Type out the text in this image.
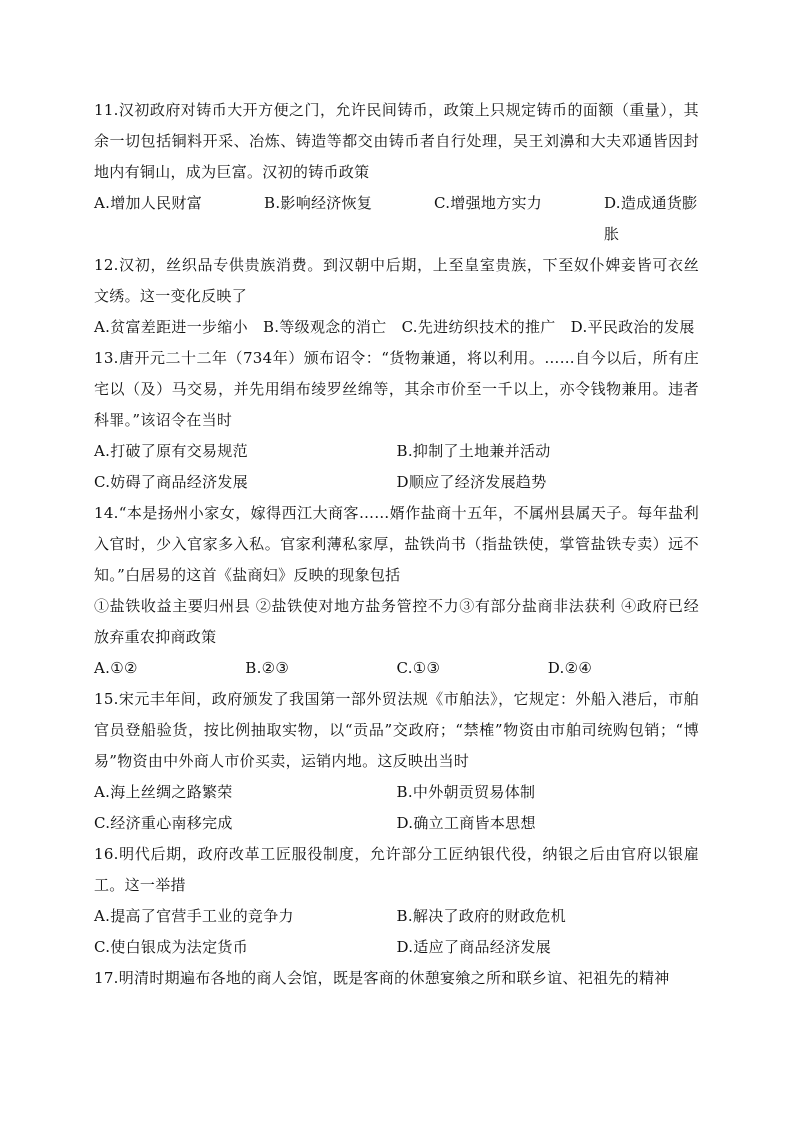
11.汉初政府对铸币大开方便之门，允许民间铸币，政策上只规定铸币的面额（重量），其余一切包括铜料开采、冶炼、铸造等都交由铸币者自行处理，吴王刘濞和大夫邓通皆因封地内有铜山，成为巨富。汉初的铸币政策

A.增加人民财富	B.影响经济恢复	C.增强地方实力	D.造成通货膨胀

12.汉初，丝织品专供贵族消费。到汉朝中后期，上至皇室贵族，下至奴仆婢妾皆可衣丝文绣。这一变化反映了

A.贫富差距进一步缩小 B.等级观念的消亡 C.先进纺织技术的推广 D.平民政治的发展

13.唐开元二十二年（734年）颁布诏令：“货物兼通，将以利用。……自今以后，所有庄宅以（及）马交易，并先用绢布绫罗丝绵等，其余市价至一千以上，亦令钱物兼用。违者科罪。”该诏令在当时

A.打破了原有交易规范	B.抑制了土地兼并活动
C.妨碍了商品经济发展	D顺应了经济发展趋势

14.“本是扬州小家女，嫁得西江大商客……婿作盐商十五年，不属州县属天子。每年盐利入官时，少入官家多入私。官家利薄私家厚，盐铁尚书（指盐铁使，掌管盐铁专卖）远不知。”白居易的这首《盐商妇》反映的现象包括

①盐铁收益主要归州县 ②盐铁使对地方盐务管控不力③有部分盐商非法获利 ④政府已经放弃重农抑商政策

A.①②	B.②③	C.①③	D.②④

15.宋元丰年间，政府颁发了我国第一部外贸法规《市舶法》，它规定：外船入港后，市舶官员登船验货，按比例抽取实物，以“贡品”交政府；“禁榷”物资由市舶司统购包销；“博易”物资由中外商人市价买卖，运销内地。这反映出当时

A.海上丝绸之路繁荣	B.中外朝贡贸易体制
C.经济重心南移完成	D.确立工商皆本思想

16.明代后期，政府改革工匠服役制度，允许部分工匠纳银代役，纳银之后由官府以银雇工。这一举措

A.提高了官营手工业的竞争力	B.解决了政府的财政危机
C.使白银成为法定货币	D.适应了商品经济发展

17.明清时期遍布各地的商人会馆，既是客商的休憩宴飨之所和联乡谊、祀祖先的精神
